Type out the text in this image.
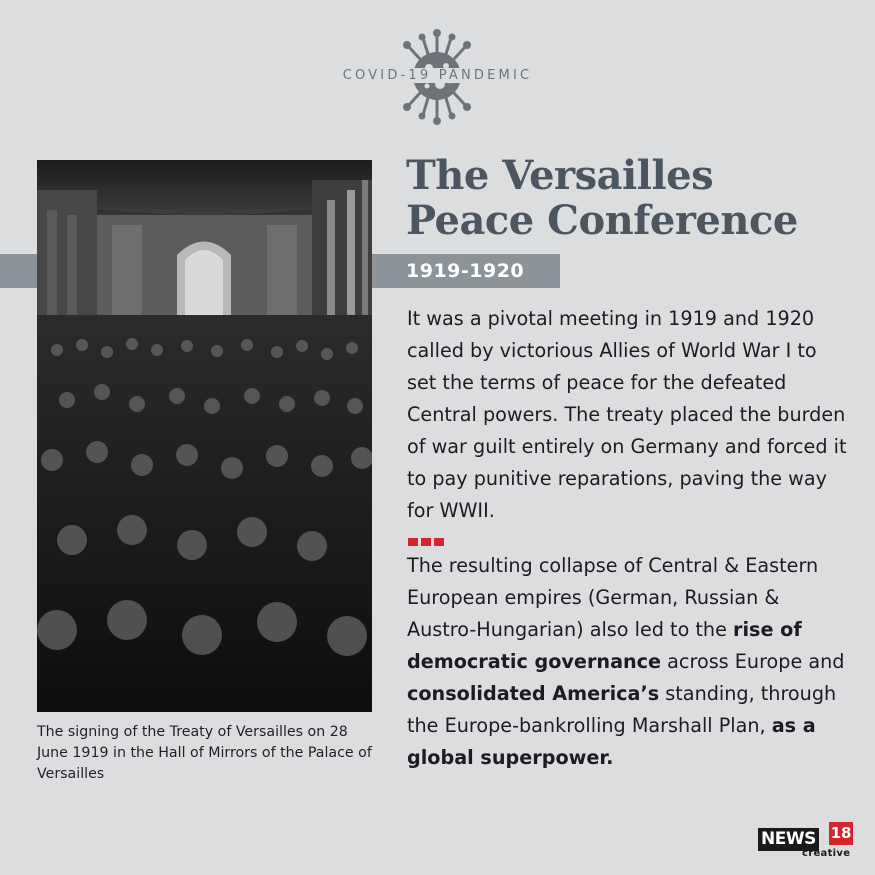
COVID-19 PANDEMIC
The signing of the Treaty of Versailles on 28 June 1919 in the Hall of Mirrors of the Palace of Versailles
The Versailles
Peace Conference
1919-1920
It was a pivotal meeting in 1919 and 1920 called by victorious Allies of World War I to set the terms of peace for the defeated Central powers. The treaty placed the burden of war guilt entirely on Germany and forced it to pay punitive reparations, paving the way for WWII.
The resulting collapse of Central & Eastern European empires (German, Russian & Austro-Hungarian) also led to the rise of democratic governance across Europe and consolidated America’s standing, through the Europe-bankrolling Marshall Plan, as a global superpower.
NEWS 18
creative
